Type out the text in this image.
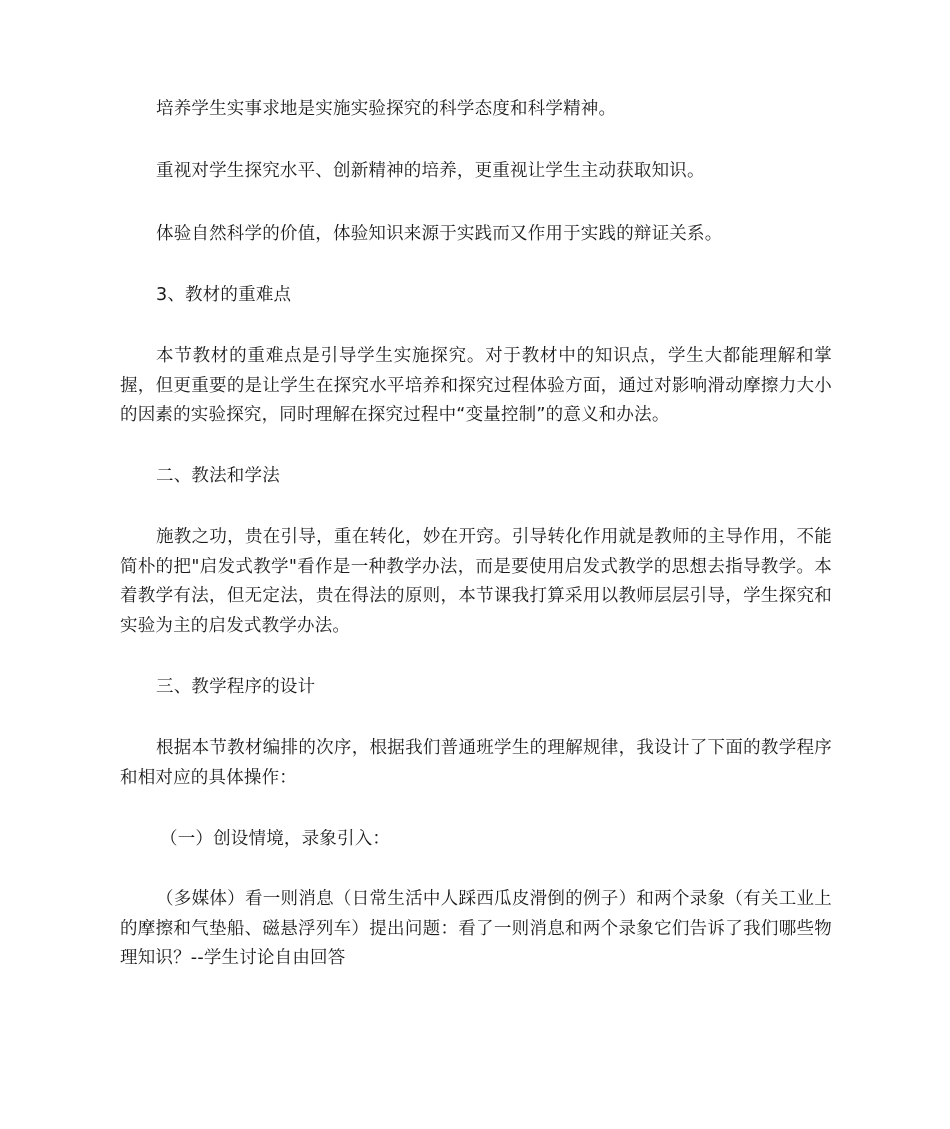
培养学生实事求地是实施实验探究的科学态度和科学精神。

重视对学生探究水平、创新精神的培养，更重视让学生主动获取知识。

体验自然科学的价值，体验知识来源于实践而又作用于实践的辩证关系。

3、教材的重难点

本节教材的重难点是引导学生实施探究。对于教材中的知识点，学生大都能理解和掌握，但更重要的是让学生在探究水平培养和探究过程体验方面，通过对影响滑动摩擦力大小的因素的实验探究，同时理解在探究过程中“变量控制”的意义和办法。

二、教法和学法

施教之功，贵在引导，重在转化，妙在开窍。引导转化作用就是教师的主导作用，不能简朴的把"启发式教学"看作是一种教学办法，而是要使用启发式教学的思想去指导教学。本着教学有法，但无定法，贵在得法的原则，本节课我打算采用以教师层层引导，学生探究和实验为主的启发式教学办法。

三、教学程序的设计

根据本节教材编排的次序，根据我们普通班学生的理解规律，我设计了下面的教学程序和相对应的具体操作：

（一）创设情境，录象引入：

（多媒体）看一则消息（日常生活中人踩西瓜皮滑倒的例子）和两个录象（有关工业上的摩擦和气垫船、磁悬浮列车）提出问题：看了一则消息和两个录象它们告诉了我们哪些物理知识？--学生讨论自由回答
